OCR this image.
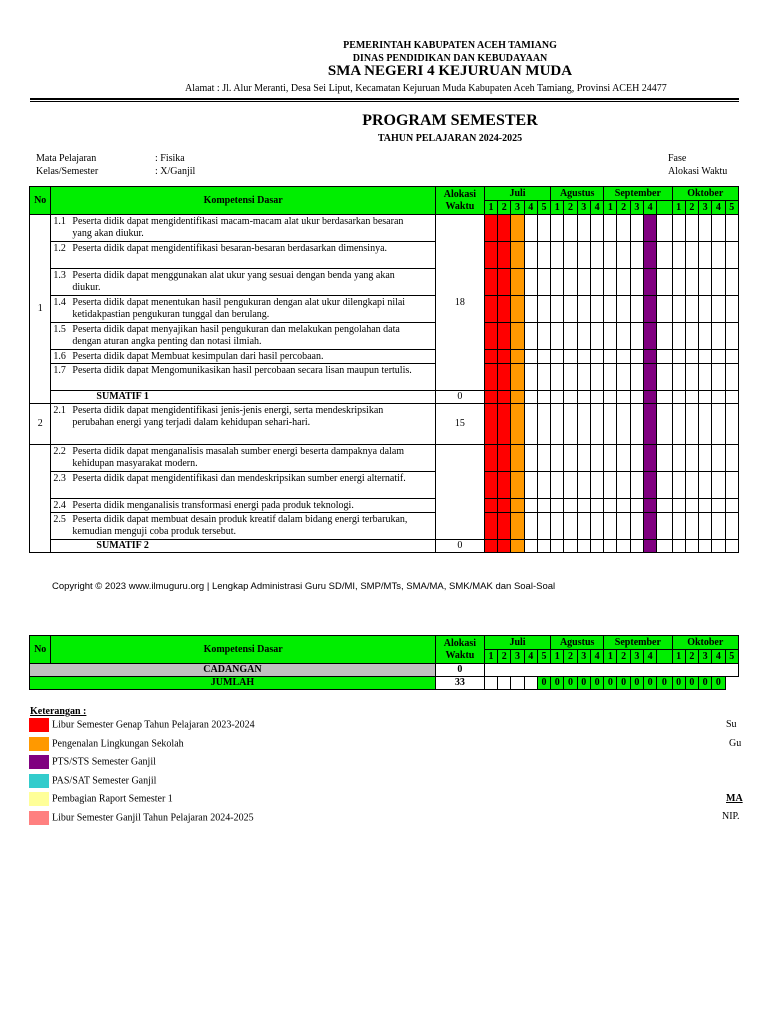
PEMERINTAH KABUPATEN ACEH TAMIANG
DINAS PENDIDIKAN DAN KEBUDAYAAN
SMA NEGERI 4 KEJURUAN MUDA
Alamat : Jl. Alur Meranti, Desa Sei Liput, Kecamatan Kejuruan Muda Kabupaten Aceh Tamiang, Provinsi ACEH 24477
PROGRAM SEMESTER
TAHUN PELAJARAN 2024-2025
Mata Pelajaran	: Fisika
Kelas/Semester	: X/Ganjil
Fase
Alokasi Waktu
No	Kompetensi Dasar	Alokasi Waktu	Juli					Agustus				September					Oktober				
			1	2	3	4	5	1	2	3	4	1	2	3	4		1	2	3	4	5
1	1.1 Peserta didik dapat mengidentifikasi macam-macam alat ukur berdasarkan besaran yang akan diukur.	18																			
	1.2 Peserta didik dapat mengidentifikasi besaran-besaran berdasarkan dimensinya.																				
	1.3 Peserta didik dapat menggunakan alat ukur yang sesuai dengan benda yang akan diukur.																				
	1.4 Peserta didik dapat menentukan hasil pengukuran dengan alat ukur dilengkapi nilai ketidakpastian pengukuran tunggal dan berulang.																				
	1.5 Peserta didik dapat menyajikan hasil pengukuran dan melakukan pengolahan data dengan aturan angka penting dan notasi ilmiah.																				
	1.6 Peserta didik dapat Membuat kesimpulan dari hasil percobaan.																				
	1.7 Peserta didik dapat Mengomunikasikan hasil percobaan secara lisan maupun tertulis.																				
	SUMATIF 1	0																			
2	2.1 Peserta didik dapat mengidentifikasi jenis-jenis energi, serta mendeskripsikan perubahan energi yang terjadi dalam kehidupan sehari-hari.	15																			
	2.2 Peserta didik dapat menganalisis masalah sumber energi beserta dampaknya dalam kehidupan masyarakat modern.																				
	2.3 Peserta didik dapat mengidentifikasi dan mendeskripsikan sumber energi alternatif.																				
	2.4 Peserta didik menganalisis transformasi energi pada produk teknologi.																				
	2.5 Peserta didik dapat membuat desain produk kreatif dalam bidang energi terbarukan, kemudian menguji coba produk tersebut.																				
	SUMATIF 2	0																			
Copyright © 2023 www.ilmuguru.org | Lengkap Administrasi Guru SD/MI, SMP/MTs, SMA/MA, SMK/MAK dan Soal-Soal
No	Kompetensi Dasar	Alokasi Waktu	Juli					Agustus				September					Oktober				
			1	2	3	4	5	1	2	3	4	1	2	3	4		1	2	3	4	5
CADANGAN		0																			
JUMLAH		33					0	0	0	0	0	0	0	0	0	0	0	0	0	0	
Keterangan :
Libur Semester Genap Tahun Pelajaran 2023-2024
Pengenalan Lingkungan Sekolah
PTS/STS Semester Ganjil
PAS/SAT Semester Ganjil
Pembagian Raport Semester 1
Libur Semester Ganjil Tahun Pelajaran 2024-2025
Su
Gu
MA
NIP.
